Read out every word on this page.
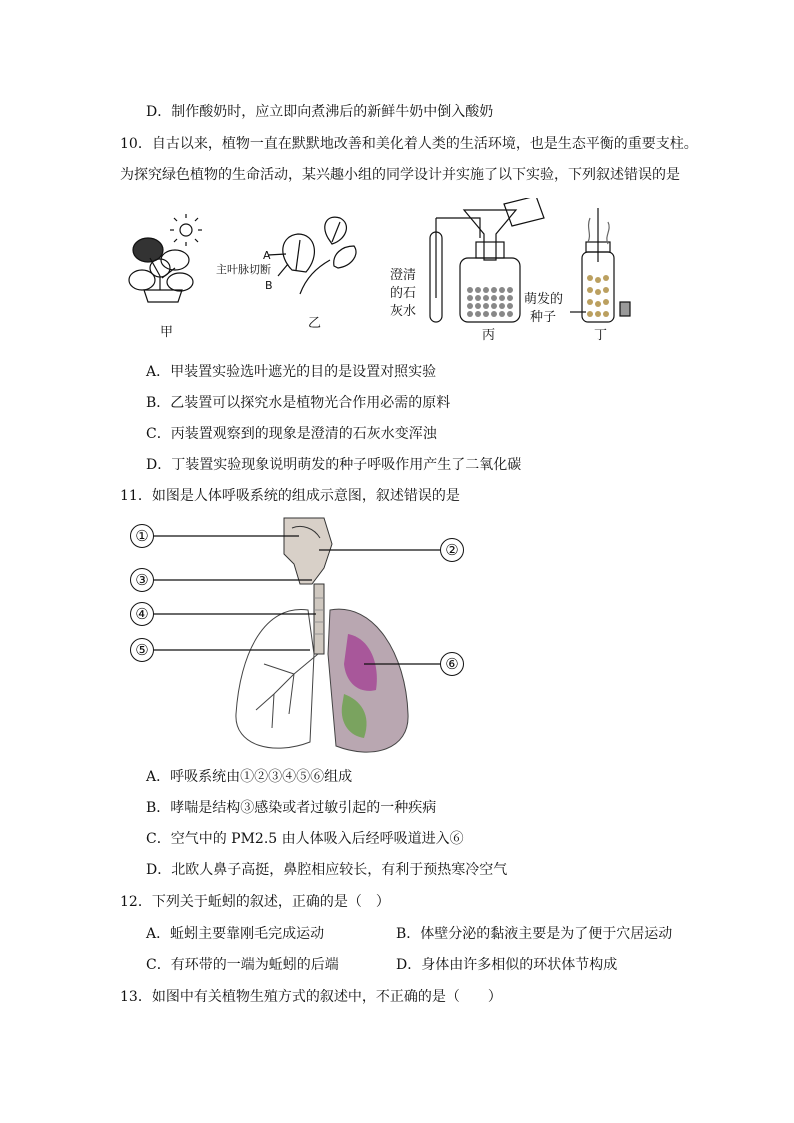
D．制作酸奶时，应立即向煮沸后的新鲜牛奶中倒入酸奶
10．自古以来，植物一直在默默地改善和美化着人类的生活环境，也是生态平衡的重要支柱。
为探究绿色植物的生命活动，某兴趣小组的同学设计并实施了以下实验，下列叙述错误的是
甲
乙
丙	丁
A
主叶脉切断
B
澄清
的石
灰水
萌发的
种子
A．甲装置实验选叶遮光的目的是设置对照实验
B．乙装置可以探究水是植物光合作用必需的原料
C．丙装置观察到的现象是澄清的石灰水变浑浊
D．丁装置实验现象说明萌发的种子呼吸作用产生了二氧化碳
11．如图是人体呼吸系统的组成示意图，叙述错误的是
①
②
③
④
⑤
⑥
A．呼吸系统由①②③④⑤⑥组成
B．哮喘是结构③感染或者过敏引起的一种疾病
C．空气中的 PM2.5 由人体吸入后经呼吸道进入⑥
D．北欧人鼻子高挺，鼻腔相应较长，有利于预热寒冷空气
12．下列关于蚯蚓的叙述，正确的是（　）
A．蚯蚓主要靠刚毛完成运动	B．体壁分泌的黏液主要是为了便于穴居运动
C．有环带的一端为蚯蚓的后端	D．身体由许多相似的环状体节构成
13．如图中有关植物生殖方式的叙述中，不正确的是（　　）
